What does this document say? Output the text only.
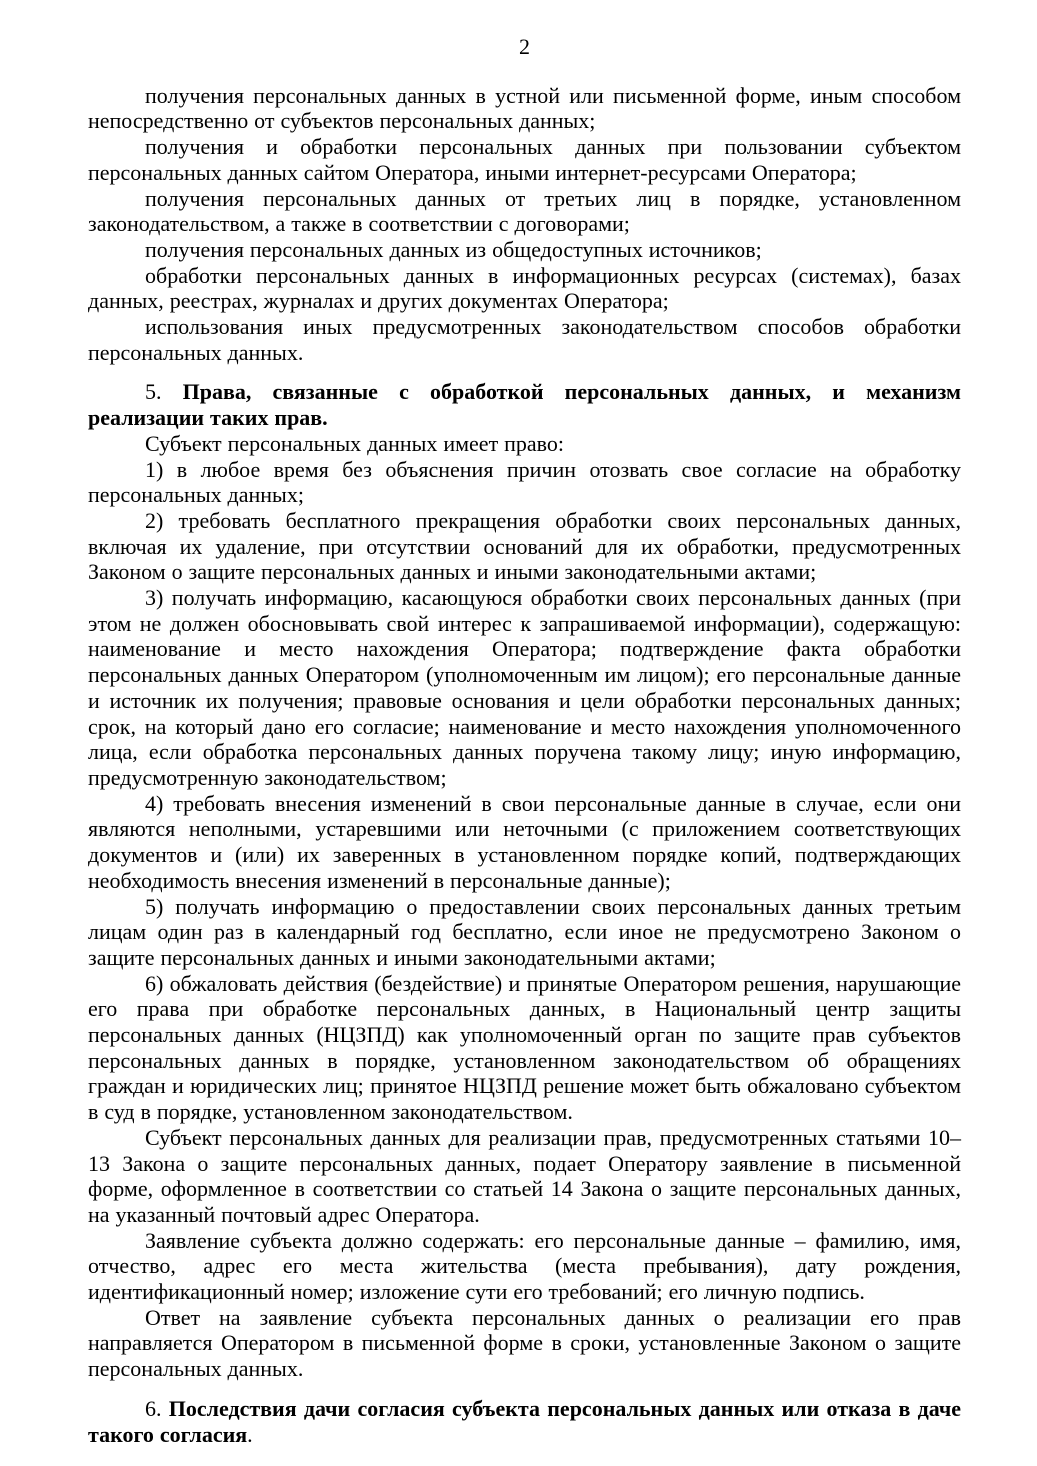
2

получения персональных данных в устной или письменной форме, иным способом непосредственно от субъектов персональных данных;

получения и обработки персональных данных при пользовании субъектом персональных данных сайтом Оператора, иными интернет-ресурсами Оператора;

получения персональных данных от третьих лиц в порядке, установленном законодательством, а также в соответствии с договорами;

получения персональных данных из общедоступных источников;

обработки персональных данных в информационных ресурсах (системах), базах данных, реестрах, журналах и других документах Оператора;

использования иных предусмотренных законодательством способов обработки персональных данных.

5. Права, связанные с обработкой персональных данных, и механизм реализации таких прав.

Субъект персональных данных имеет право:

1) в любое время без объяснения причин отозвать свое согласие на обработку персональных данных;

2) требовать бесплатного прекращения обработки своих персональных данных, включая их удаление, при отсутствии оснований для их обработки, предусмотренных Законом о защите персональных данных и иными законодательными актами;

3) получать информацию, касающуюся обработки своих персональных данных (при этом не должен обосновывать свой интерес к запрашиваемой информации), содержащую: наименование и место нахождения Оператора; подтверждение факта обработки персональных данных Оператором (уполномоченным им лицом); его персональные данные и источник их получения; правовые основания и цели обработки персональных данных; срок, на который дано его согласие; наименование и место нахождения уполномоченного лица, если обработка персональных данных поручена такому лицу; иную информацию, предусмотренную законодательством;

4) требовать внесения изменений в свои персональные данные в случае, если они являются неполными, устаревшими или неточными (с приложением соответствующих документов и (или) их заверенных в установленном порядке копий, подтверждающих необходимость внесения изменений в персональные данные);

5) получать информацию о предоставлении своих персональных данных третьим лицам один раз в календарный год бесплатно, если иное не предусмотрено Законом о защите персональных данных и иными законодательными актами;

6) обжаловать действия (бездействие) и принятые Оператором решения, нарушающие его права при обработке персональных данных, в Национальный центр защиты персональных данных (НЦЗПД) как уполномоченный орган по защите прав субъектов персональных данных в порядке, установленном законодательством об обращениях граждан и юридических лиц; принятое НЦЗПД решение может быть обжаловано субъектом в суд в порядке, установленном законодательством.

Субъект персональных данных для реализации прав, предусмотренных статьями 10–13 Закона о защите персональных данных, подает Оператору заявление в письменной форме, оформленное в соответствии со статьей 14 Закона о защите персональных данных, на указанный почтовый адрес Оператора.

Заявление субъекта должно содержать: его персональные данные – фамилию, имя, отчество, адрес его места жительства (места пребывания), дату рождения, идентификационный номер; изложение сути его требований; его личную подпись.

Ответ на заявление субъекта персональных данных о реализации его прав направляется Оператором в письменной форме в сроки, установленные Законом о защите персональных данных.

6. Последствия дачи согласия субъекта персональных данных или отказа в даче такого согласия.
